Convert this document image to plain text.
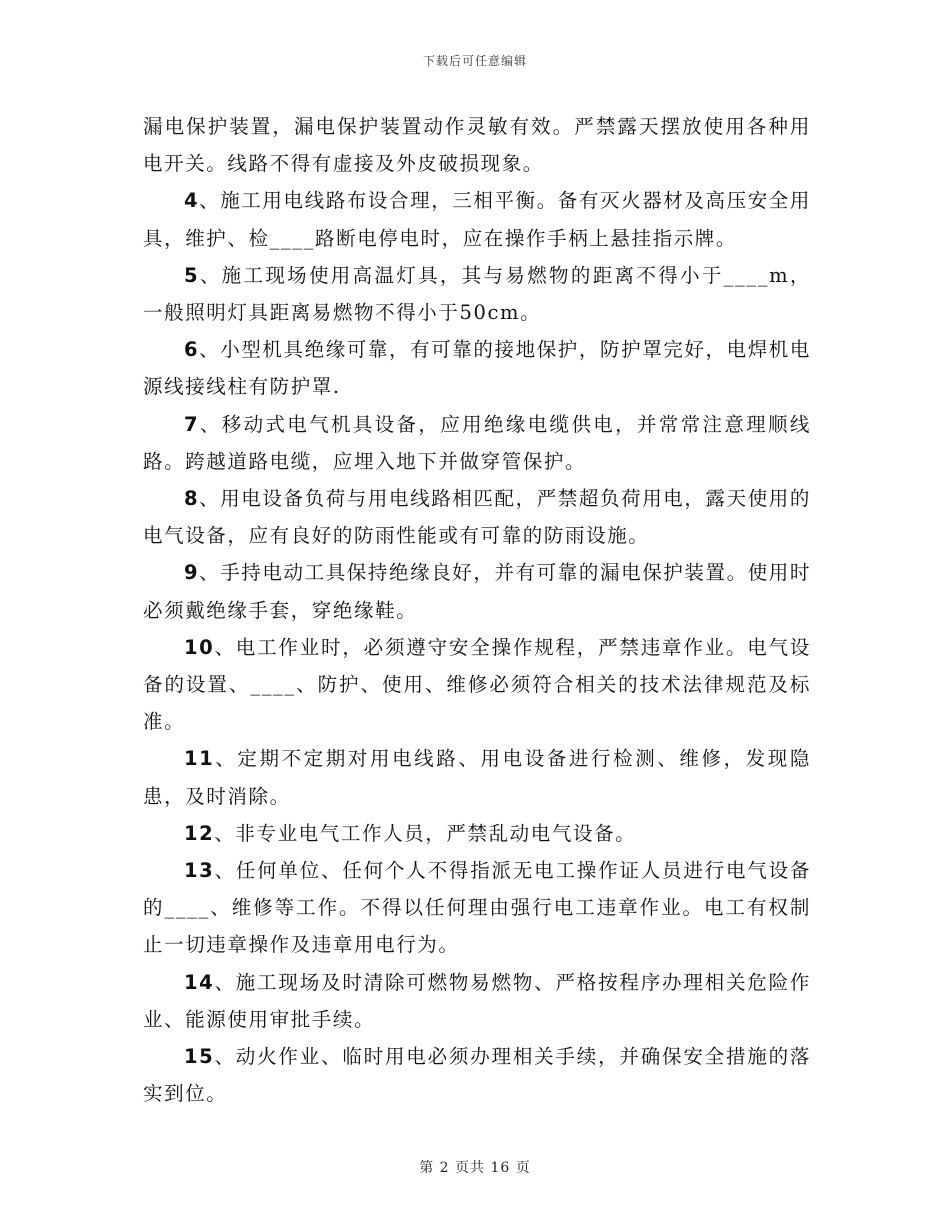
下载后可任意编辑

漏电保护装置，漏电保护装置动作灵敏有效。严禁露天摆放使用各种用电开关。线路不得有虚接及外皮破损现象。

4、施工用电线路布设合理，三相平衡。备有灭火器材及高压安全用具，维护、检____路断电停电时，应在操作手柄上悬挂指示牌。

5、施工现场使用高温灯具，其与易燃物的距离不得小于____m，一般照明灯具距离易燃物不得小于50cm。

6、小型机具绝缘可靠，有可靠的接地保护，防护罩完好，电焊机电源线接线柱有防护罩.

7、移动式电气机具设备，应用绝缘电缆供电，并常常注意理顺线路。跨越道路电缆，应埋入地下并做穿管保护。

8、用电设备负荷与用电线路相匹配，严禁超负荷用电，露天使用的电气设备，应有良好的防雨性能或有可靠的防雨设施。

9、手持电动工具保持绝缘良好，并有可靠的漏电保护装置。使用时必须戴绝缘手套，穿绝缘鞋。

10、电工作业时，必须遵守安全操作规程，严禁违章作业。电气设备的设置、____、防护、使用、维修必须符合相关的技术法律规范及标准。

11、定期不定期对用电线路、用电设备进行检测、维修，发现隐患，及时消除。

12、非专业电气工作人员，严禁乱动电气设备。

13、任何单位、任何个人不得指派无电工操作证人员进行电气设备的____、维修等工作。不得以任何理由强行电工违章作业。电工有权制止一切违章操作及违章用电行为。

14、施工现场及时清除可燃物易燃物、严格按程序办理相关危险作业、能源使用审批手续。

15、动火作业、临时用电必须办理相关手续，并确保安全措施的落实到位。

第 2 页共 16 页
